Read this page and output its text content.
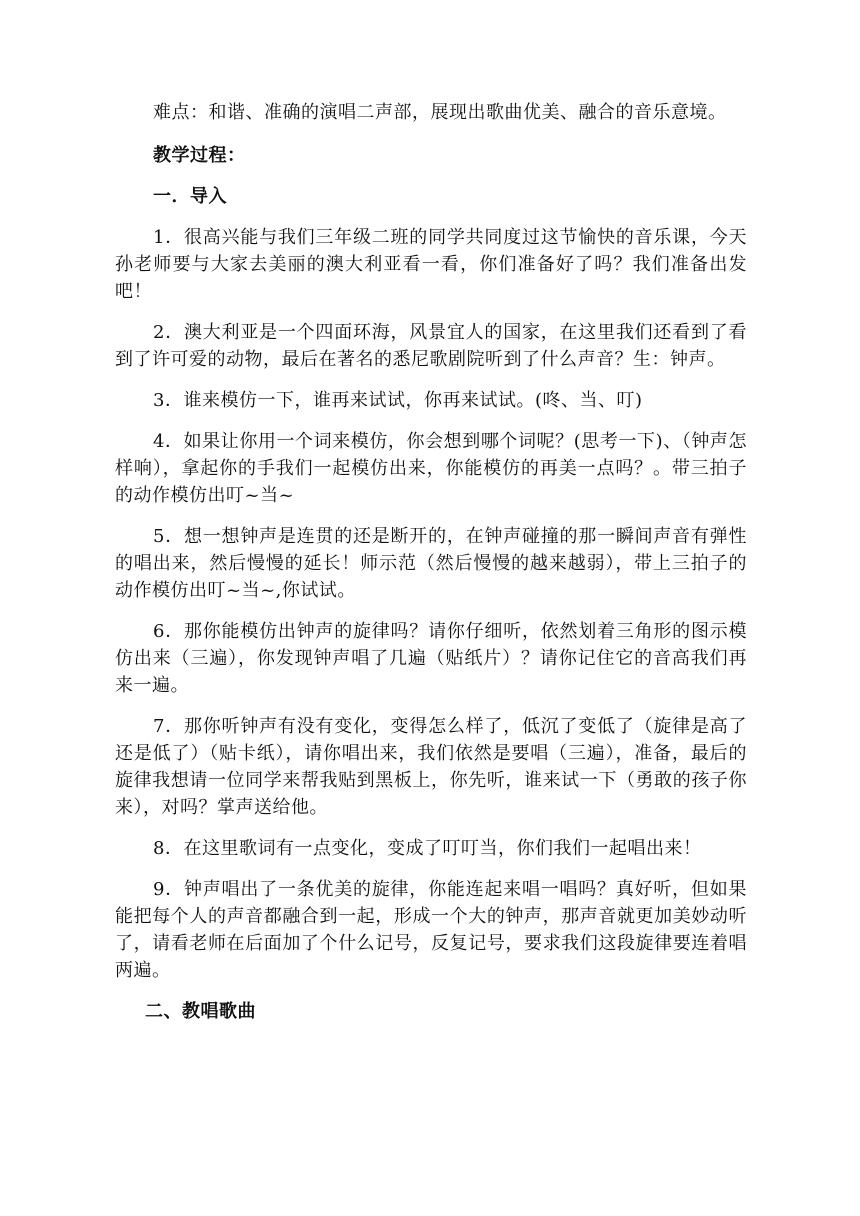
难点：和谐、准确的演唱二声部，展现出歌曲优美、融合的音乐意境。

教学过程：

一．导入

1．很高兴能与我们三年级二班的同学共同度过这节愉快的音乐课，今天孙老师要与大家去美丽的澳大利亚看一看，你们准备好了吗？我们准备出发吧！

2．澳大利亚是一个四面环海，风景宜人的国家，在这里我们还看到了看到了许可爱的动物，最后在著名的悉尼歌剧院听到了什么声音？生：钟声。

3．谁来模仿一下，谁再来试试，你再来试试。(咚、当、叮)

4．如果让你用一个词来模仿，你会想到哪个词呢？(思考一下)、（钟声怎样响），拿起你的手我们一起模仿出来，你能模仿的再美一点吗？。带三拍子的动作模仿出叮~当~

5．想一想钟声是连贯的还是断开的，在钟声碰撞的那一瞬间声音有弹性的唱出来，然后慢慢的延长！师示范（然后慢慢的越来越弱），带上三拍子的动作模仿出叮~当~,你试试。

6．那你能模仿出钟声的旋律吗？请你仔细听，依然划着三角形的图示模仿出来（三遍），你发现钟声唱了几遍（贴纸片）？请你记住它的音高我们再来一遍。

7．那你听钟声有没有变化，变得怎么样了，低沉了变低了（旋律是高了还是低了）（贴卡纸），请你唱出来，我们依然是要唱（三遍），准备，最后的旋律我想请一位同学来帮我贴到黑板上，你先听，谁来试一下（勇敢的孩子你来），对吗？掌声送给他。

8．在这里歌词有一点变化，变成了叮叮当，你们我们一起唱出来！

9．钟声唱出了一条优美的旋律，你能连起来唱一唱吗？真好听，但如果能把每个人的声音都融合到一起，形成一个大的钟声，那声音就更加美妙动听了，请看老师在后面加了个什么记号，反复记号，要求我们这段旋律要连着唱两遍。

二、教唱歌曲
